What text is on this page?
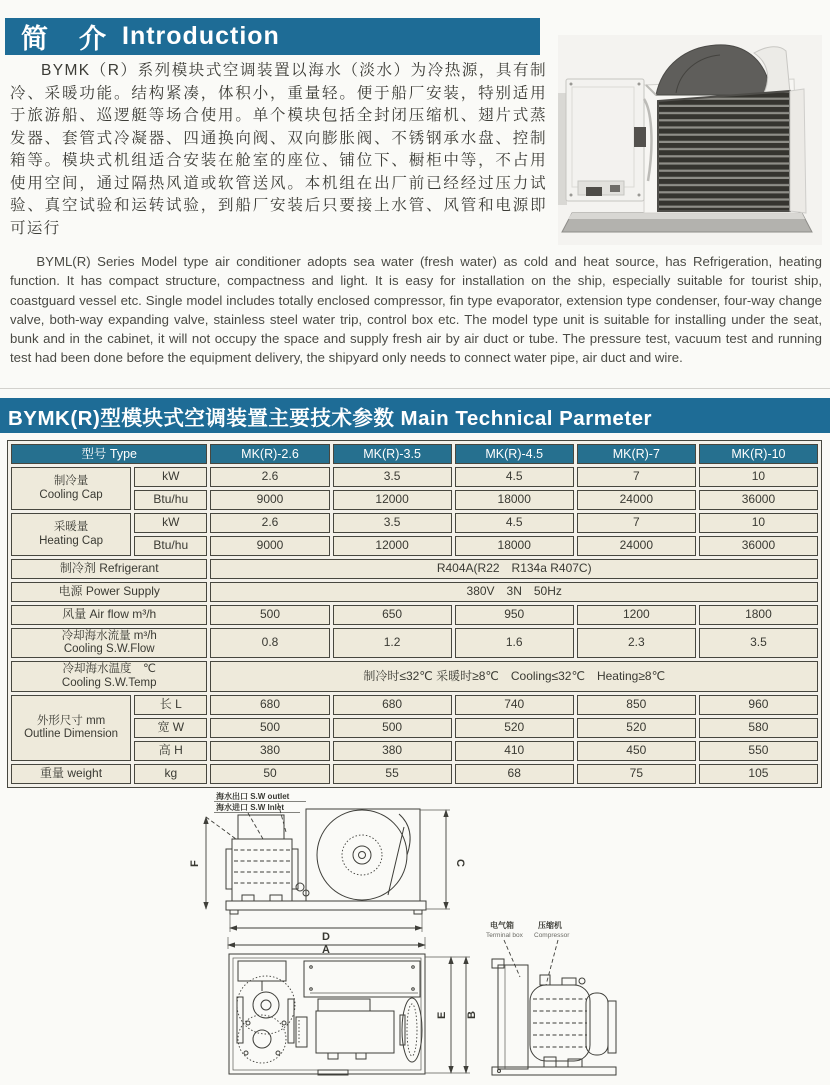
简　介 Introduction

BYMK（R）系列模块式空调装置以海水（淡水）为冷热源，具有制冷、采暖功能。结构紧凑，体积小，重量轻。便于船厂安装，特别适用于旅游船、巡逻艇等场合使用。单个模块包括全封闭压缩机、翅片式蒸发器、套管式冷凝器、四通换向阀、双向膨胀阀、不锈钢承水盘、控制箱等。模块式机组适合安装在舱室的座位、铺位下、橱柜中等，不占用使用空间，通过隔热风道或软管送风。本机组在出厂前已经经过压力试验、真空试验和运转试验，到船厂安装后只要接上水管、风管和电源即可运行

BYML(R) Series Model type air conditioner adopts sea water (fresh water) as cold and heat source, has Refrigeration, heating function. It has compact structure, compactness and light. It is easy for installation on the ship, especially suitable for tourist ship, coastguard vessel etc. Single model includes totally enclosed compressor, fin type evaporator, extension type condenser, four-way change valve, both-way expanding valve, stainless steel water trip, control box etc. The model type unit is suitable for installing under the seat, bunk and in the cabinet, it will not occupy the space and supply fresh air by air duct or tube. The pressure test, vacuum test and running test had been done before the equipment delivery, the shipyard only needs to connect water pipe, air duct and wire.

BYMK(R)型模块式空调装置主要技术参数 Main Technical Parmeter
型号 Type		MK(R)-2.6	MK(R)-3.5	MK(R)-4.5	MK(R)-7	MK(R)-10

制冷量
Cooling Cap	kW	2.6	3.5	4.5	7	10
	Btu/hu	9000	12000	18000	24000	36000

采暖量
Heating Cap	kW	2.6	3.5	4.5	7	10
	Btu/hu	9000	12000	18000	24000	36000
制冷剂 Refrigerant		R404A(R22　R134a R407C)				
电源 Power Supply		380V　3N　50Hz				
风量 Air flow m³/h		500	650	950	1200	1800

冷却海水流量 m³/h
Cooling S.W.Flow		0.8	1.2	1.6	2.3	3.5

冷却海水温度　℃
Cooling S.W.Temp		制冷时≤32℃ 采暖时≥8℃　Cooling≤32℃　Heating≥8℃				

外形尺寸 mm
Outline Dimension	长 L	680	680	740	850	960
	宽 W	500	500	520	520	580
	高 H	380	380	410	450	550
重量 weight	kg	50	55	68	75	105
海水出口 S.W outlet
海水进口 S.W Inlet
F	C
D
A
E B
电气箱
Terminal box
压缩机
Compressor
